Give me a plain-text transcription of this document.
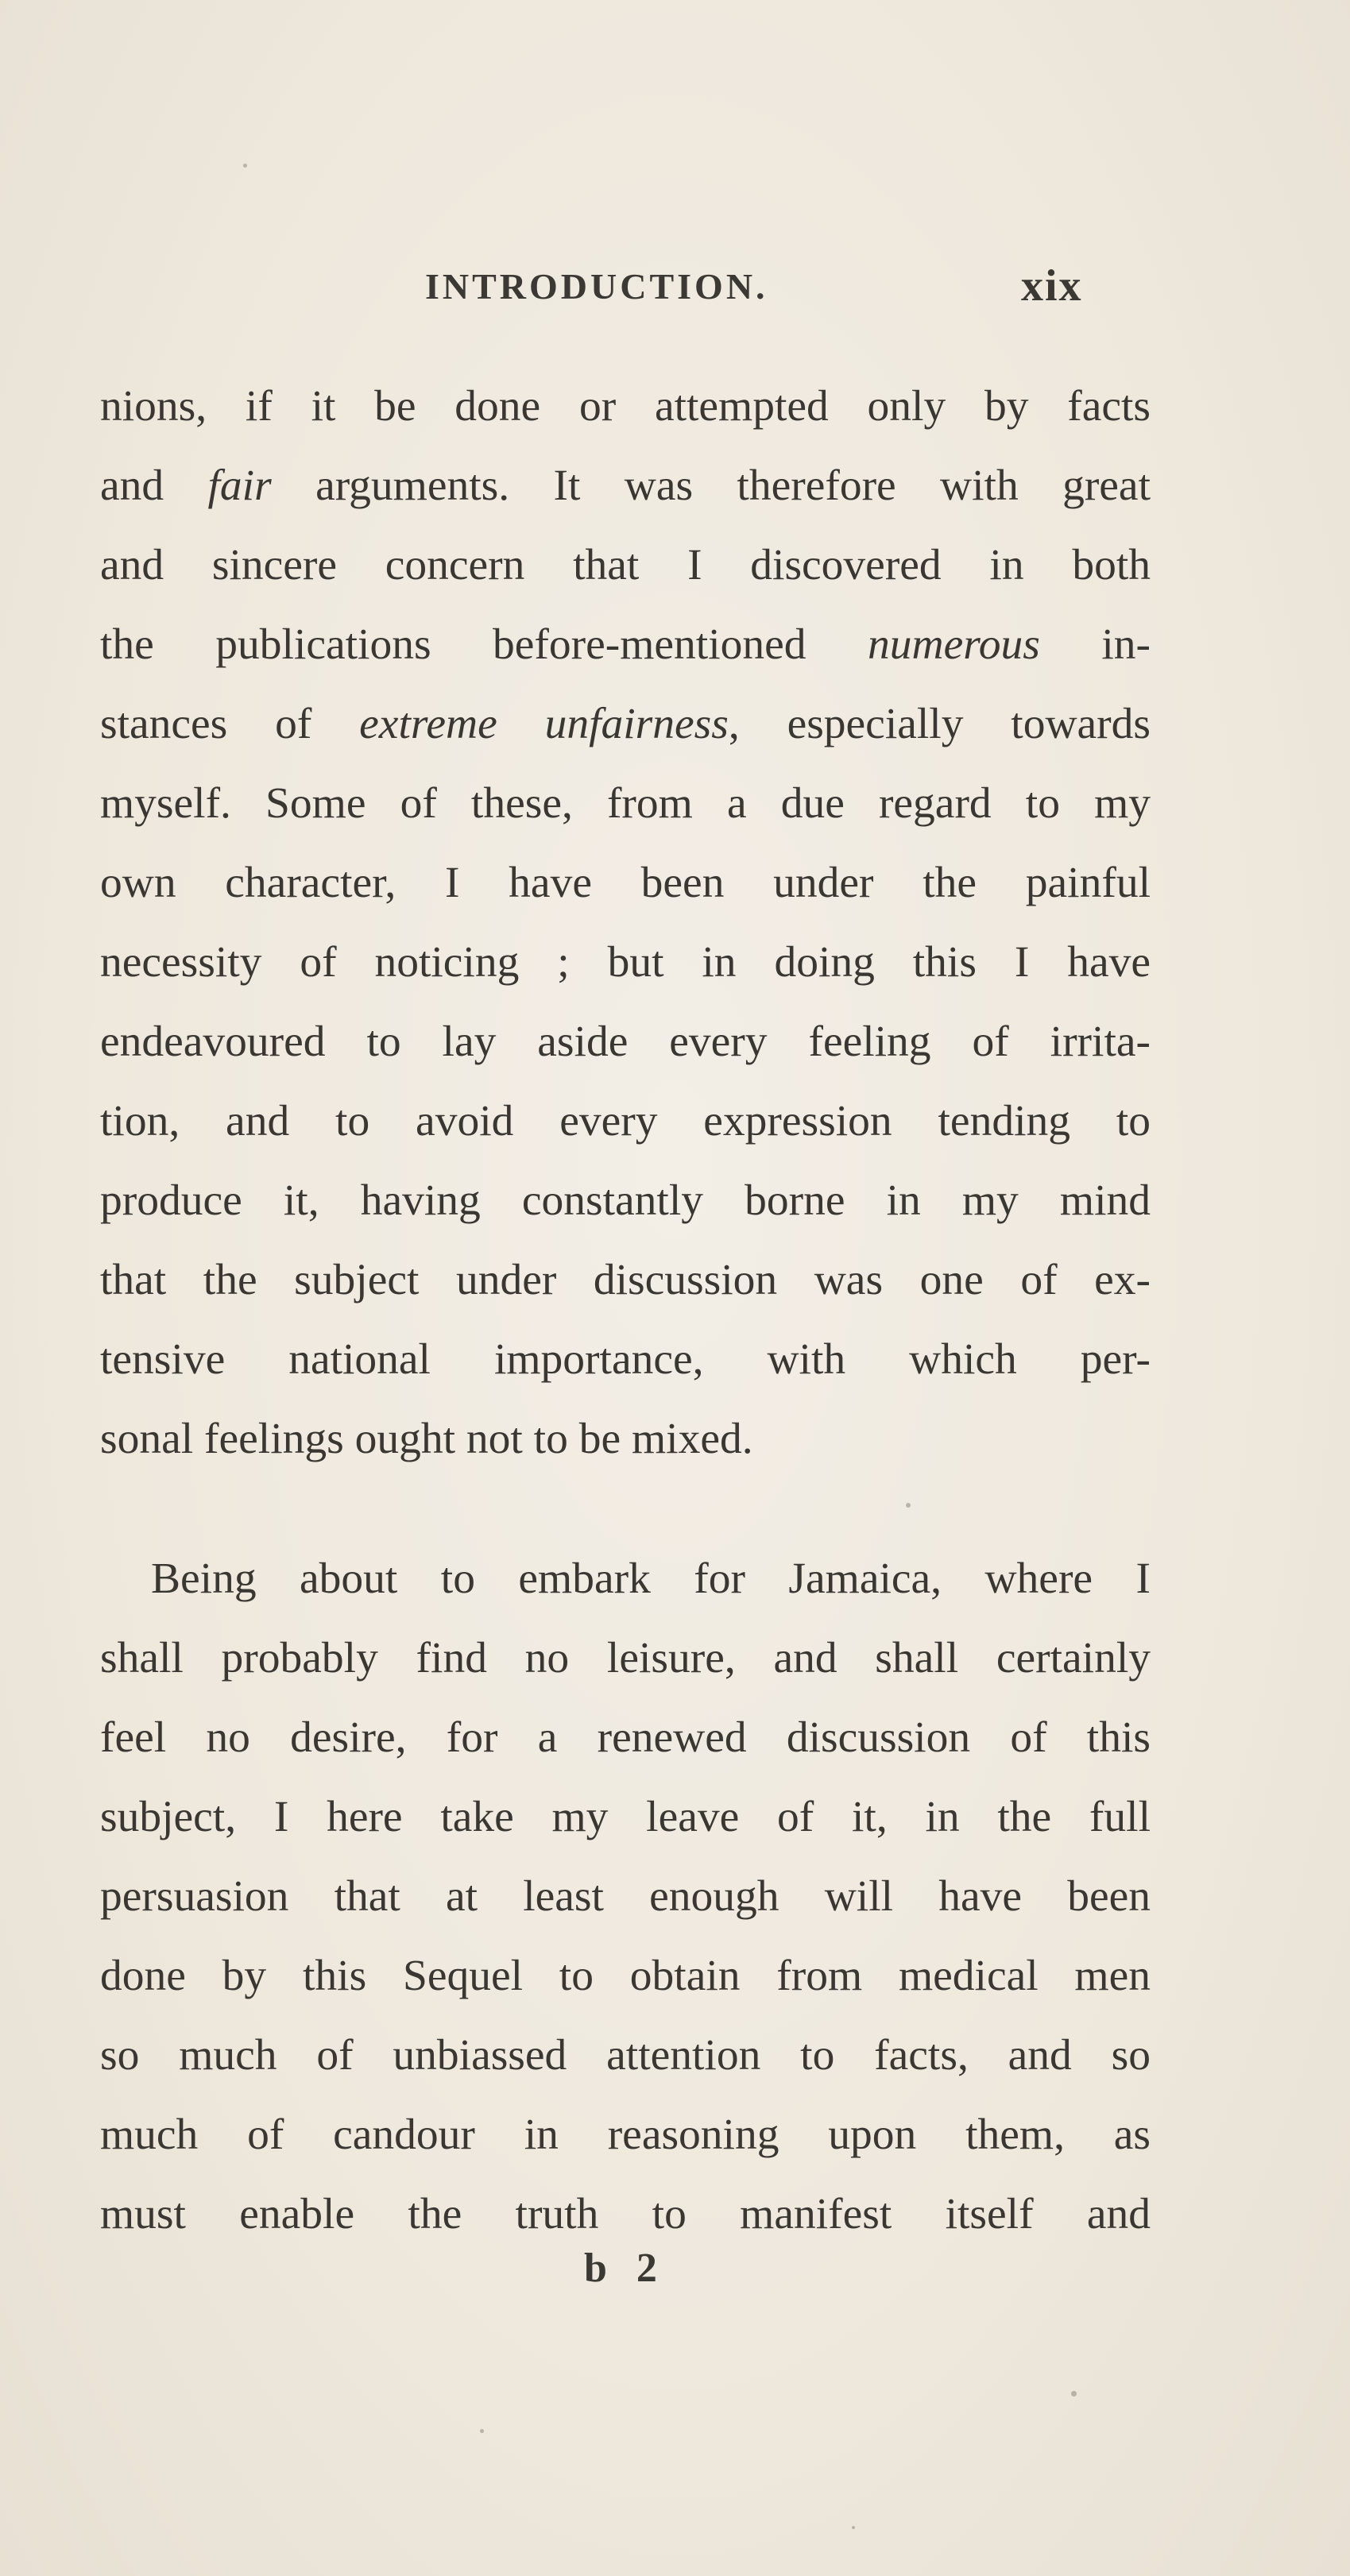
INTRODUCTION.	xix
nions, if it be done or attempted only by facts
and fair arguments. It was therefore with great
and sincere concern that I discovered in both
the publications before-mentioned numerous in-
stances of extreme unfairness, especially towards
myself. Some of these, from a due regard to my
own character, I have been under the painful
necessity of noticing ; but in doing this I have
endeavoured to lay aside every feeling of irrita-
tion, and to avoid every expression tending to
produce it, having constantly borne in my mind
that the subject under discussion was one of ex-
tensive national importance, with which per-
sonal feelings ought not to be mixed.
Being about to embark for Jamaica, where I
shall probably find no leisure, and shall certainly
feel no desire, for a renewed discussion of this
subject, I here take my leave of it, in the full
persuasion that at least enough will have been
done by this Sequel to obtain from medical men
so much of unbiassed attention to facts, and so
much of candour in reasoning upon them, as
must enable the truth to manifest itself and
b 2
